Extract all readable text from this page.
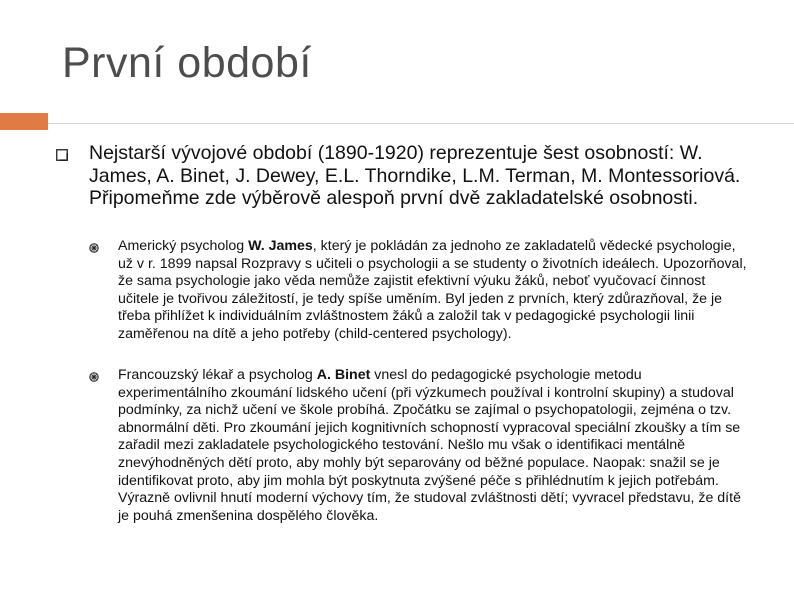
První období
Nejstarší vývojové období (1890-1920) reprezentuje šest osobností: W. James, A. Binet, J. Dewey, E.L. Thorndike, L.M. Terman, M. Montessoriová. Připomeňme zde výběrově alespoň první dvě zakladatelské osobnosti.
Americký psycholog W. James, který je pokládán za jednoho ze zakladatelů vědecké psychologie, už v r. 1899 napsal Rozpravy s učiteli o psychologii a se studenty o životních ideálech. Upozorňoval, že sama psychologie jako věda nemůže zajistit efektivní výuku žáků, neboť vyučovací činnost učitele je tvořivou záležitostí, je tedy spíše uměním. Byl jeden z prvních, který zdůrazňoval, že je třeba přihlížet k individuálním zvláštnostem žáků a založil tak v pedagogické psychologii linii zaměřenou na dítě a jeho potřeby (child-centered psychology).
Francouzský lékař a psycholog A. Binet vnesl do pedagogické psychologie metodu experimentálního zkoumání lidského učení (při výzkumech používal i kontrolní skupiny) a studoval podmínky, za nichž učení ve škole probíhá. Zpočátku se zajímal o psychopatologii, zejména o tzv. abnormální děti. Pro zkoumání jejich kognitivních schopností vypracoval speciální zkoušky a tím se zařadil mezi zakladatele psychologického testování. Nešlo mu však o identifikaci mentálně znevýhodněných dětí proto, aby mohly být separovány od běžné populace. Naopak: snažil se je identifikovat proto, aby jim mohla být poskytnuta zvýšené péče s přihlédnutím k jejich potřebám. Výrazně ovlivnil hnutí moderní výchovy tím, že studoval zvláštnosti dětí; vyvracel představu, že dítě je pouhá zmenšenina dospělého člověka.
